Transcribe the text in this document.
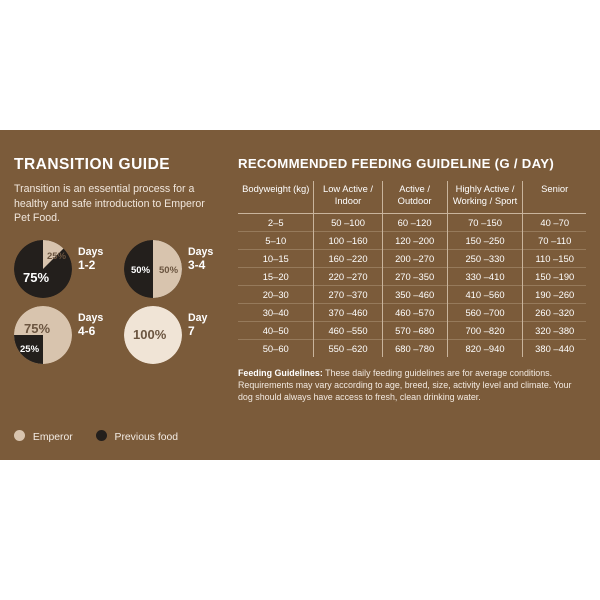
TRANSITION GUIDE
Transition is an essential process for a healthy and safe introduction to Emperor Pet Food.
25%
75%
Days
1-2	50% 50%
Days
3-4
75%
25%
Days
4-6	100%
Day
7
Emperor	Previous food
RECOMMENDED FEEDING GUIDELINE (G / DAY)
Bodyweight (kg)	Low Active / Indoor	Active / Outdoor	Highly Active / Working / Sport	Senior
2–5	50 –100	60 –120	70 –150	40 –70
5–10	100 –160	120 –200	150 –250	70 –110
10–15	160 –220	200 –270	250 –330	110 –150
15–20	220 –270	270 –350	330 –410	150 –190
20–30	270 –370	350 –460	410 –560	190 –260
30–40	370 –460	460 –570	560 –700	260 –320
40–50	460 –550	570 –680	700 –820	320 –380
50–60	550 –620	680 –780	820 –940	380 –440
Feeding Guidelines: These daily feeding guidelines are for average conditions. Requirements may vary according to age, breed, size, activity level and climate. Your dog should always have access to fresh, clean drinking water.
